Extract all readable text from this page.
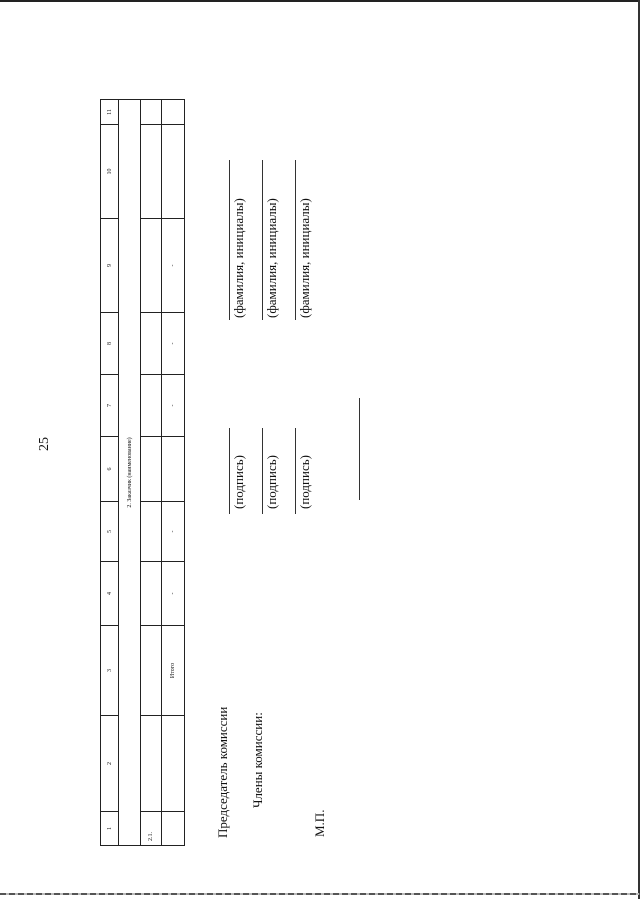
25
1	2	3	4	5	6	7	8	9	10	11
2. Заказчик (наименование)										
2.1.										
		Итого	-	-		-	-	-		
Председатель комиссии Члены комиссии:
М.П.
(подпись)
(фамилия, инициалы)
(подпись)
(фамилия, инициалы)
(подпись)
(фамилия, инициалы)
